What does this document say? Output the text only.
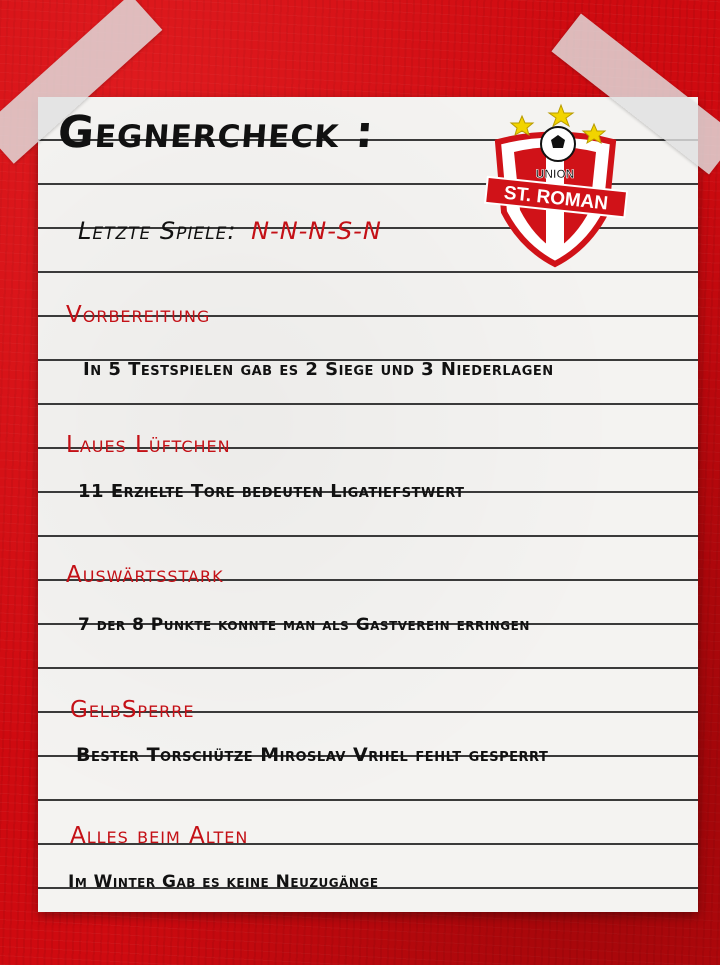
Gegnercheck :
Letzte Spiele: N-N-N-S-N
UNION
ST. ROMAN
Vorbereitung

In 5 Testspielen gab es 2 Siege und 3 Niederlagen

Laues Lüftchen

11 Erzielte Tore bedeuten Ligatiefstwert

Auswärtsstark

7 der 8 Punkte konnte man als Gastverein erringen

GelbSperre

Bester Torschütze Miroslav Vrhel fehlt gesperrt

Alles beim Alten

Im Winter Gab es keine Neuzugänge
